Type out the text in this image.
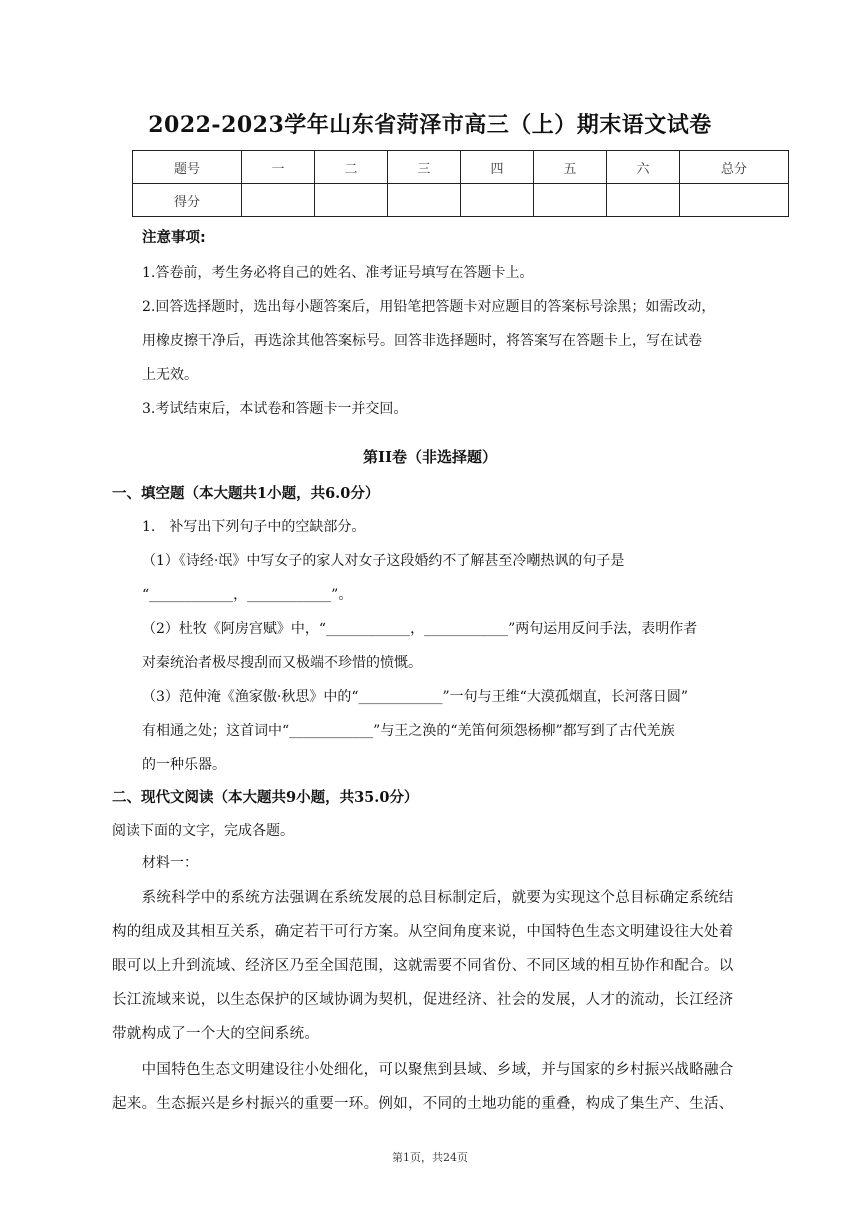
2022-2023学年山东省菏泽市高三（上）期末语文试卷
题号	一	二	三	四	五	六	总分
得分							
注意事项:
1.答卷前，考生务必将自己的姓名、准考证号填写在答题卡上。
2.回答选择题时，选出每小题答案后，用铅笔把答题卡对应题目的答案标号涂黑；如需改动，
用橡皮擦干净后，再选涂其他答案标号。回答非选择题时，将答案写在答题卡上，写在试卷
上无效。
3.考试结束后，本试卷和答题卡一并交回。
第II卷（非选择题）
一、填空题（本大题共1小题，共6.0分）
1.　补写出下列句子中的空缺部分。
（1）《诗经·氓》中写女子的家人对女子这段婚约不了解甚至冷嘲热讽的句子是
“____________，____________”。
（2）杜牧《阿房宫赋》中，“____________，____________”两句运用反问手法，表明作者
对秦统治者极尽搜刮而又极端不珍惜的愤慨。
（3）范仲淹《渔家傲·秋思》中的“____________”一句与王维“大漠孤烟直，长河落日圆”
有相通之处；这首词中“____________”与王之涣的“羌笛何须怨杨柳”都写到了古代羌族
的一种乐器。
二、现代文阅读（本大题共9小题，共35.0分）
阅读下面的文字，完成各题。
材料一：
　　系统科学中的系统方法强调在系统发展的总目标制定后，就要为实现这个总目标确定系统结
构的组成及其相互关系，确定若干可行方案。从空间角度来说，中国特色生态文明建设往大处着
眼可以上升到流域、经济区乃至全国范围，这就需要不同省份、不同区域的相互协作和配合。以
长江流域来说，以生态保护的区域协调为契机，促进经济、社会的发展，人才的流动，长江经济
带就构成了一个大的空间系统。
　　中国特色生态文明建设往小处细化，可以聚焦到县域、乡域，并与国家的乡村振兴战略融合
起来。生态振兴是乡村振兴的重要一环。例如，不同的土地功能的重叠，构成了集生产、生活、
第1页，共24页
